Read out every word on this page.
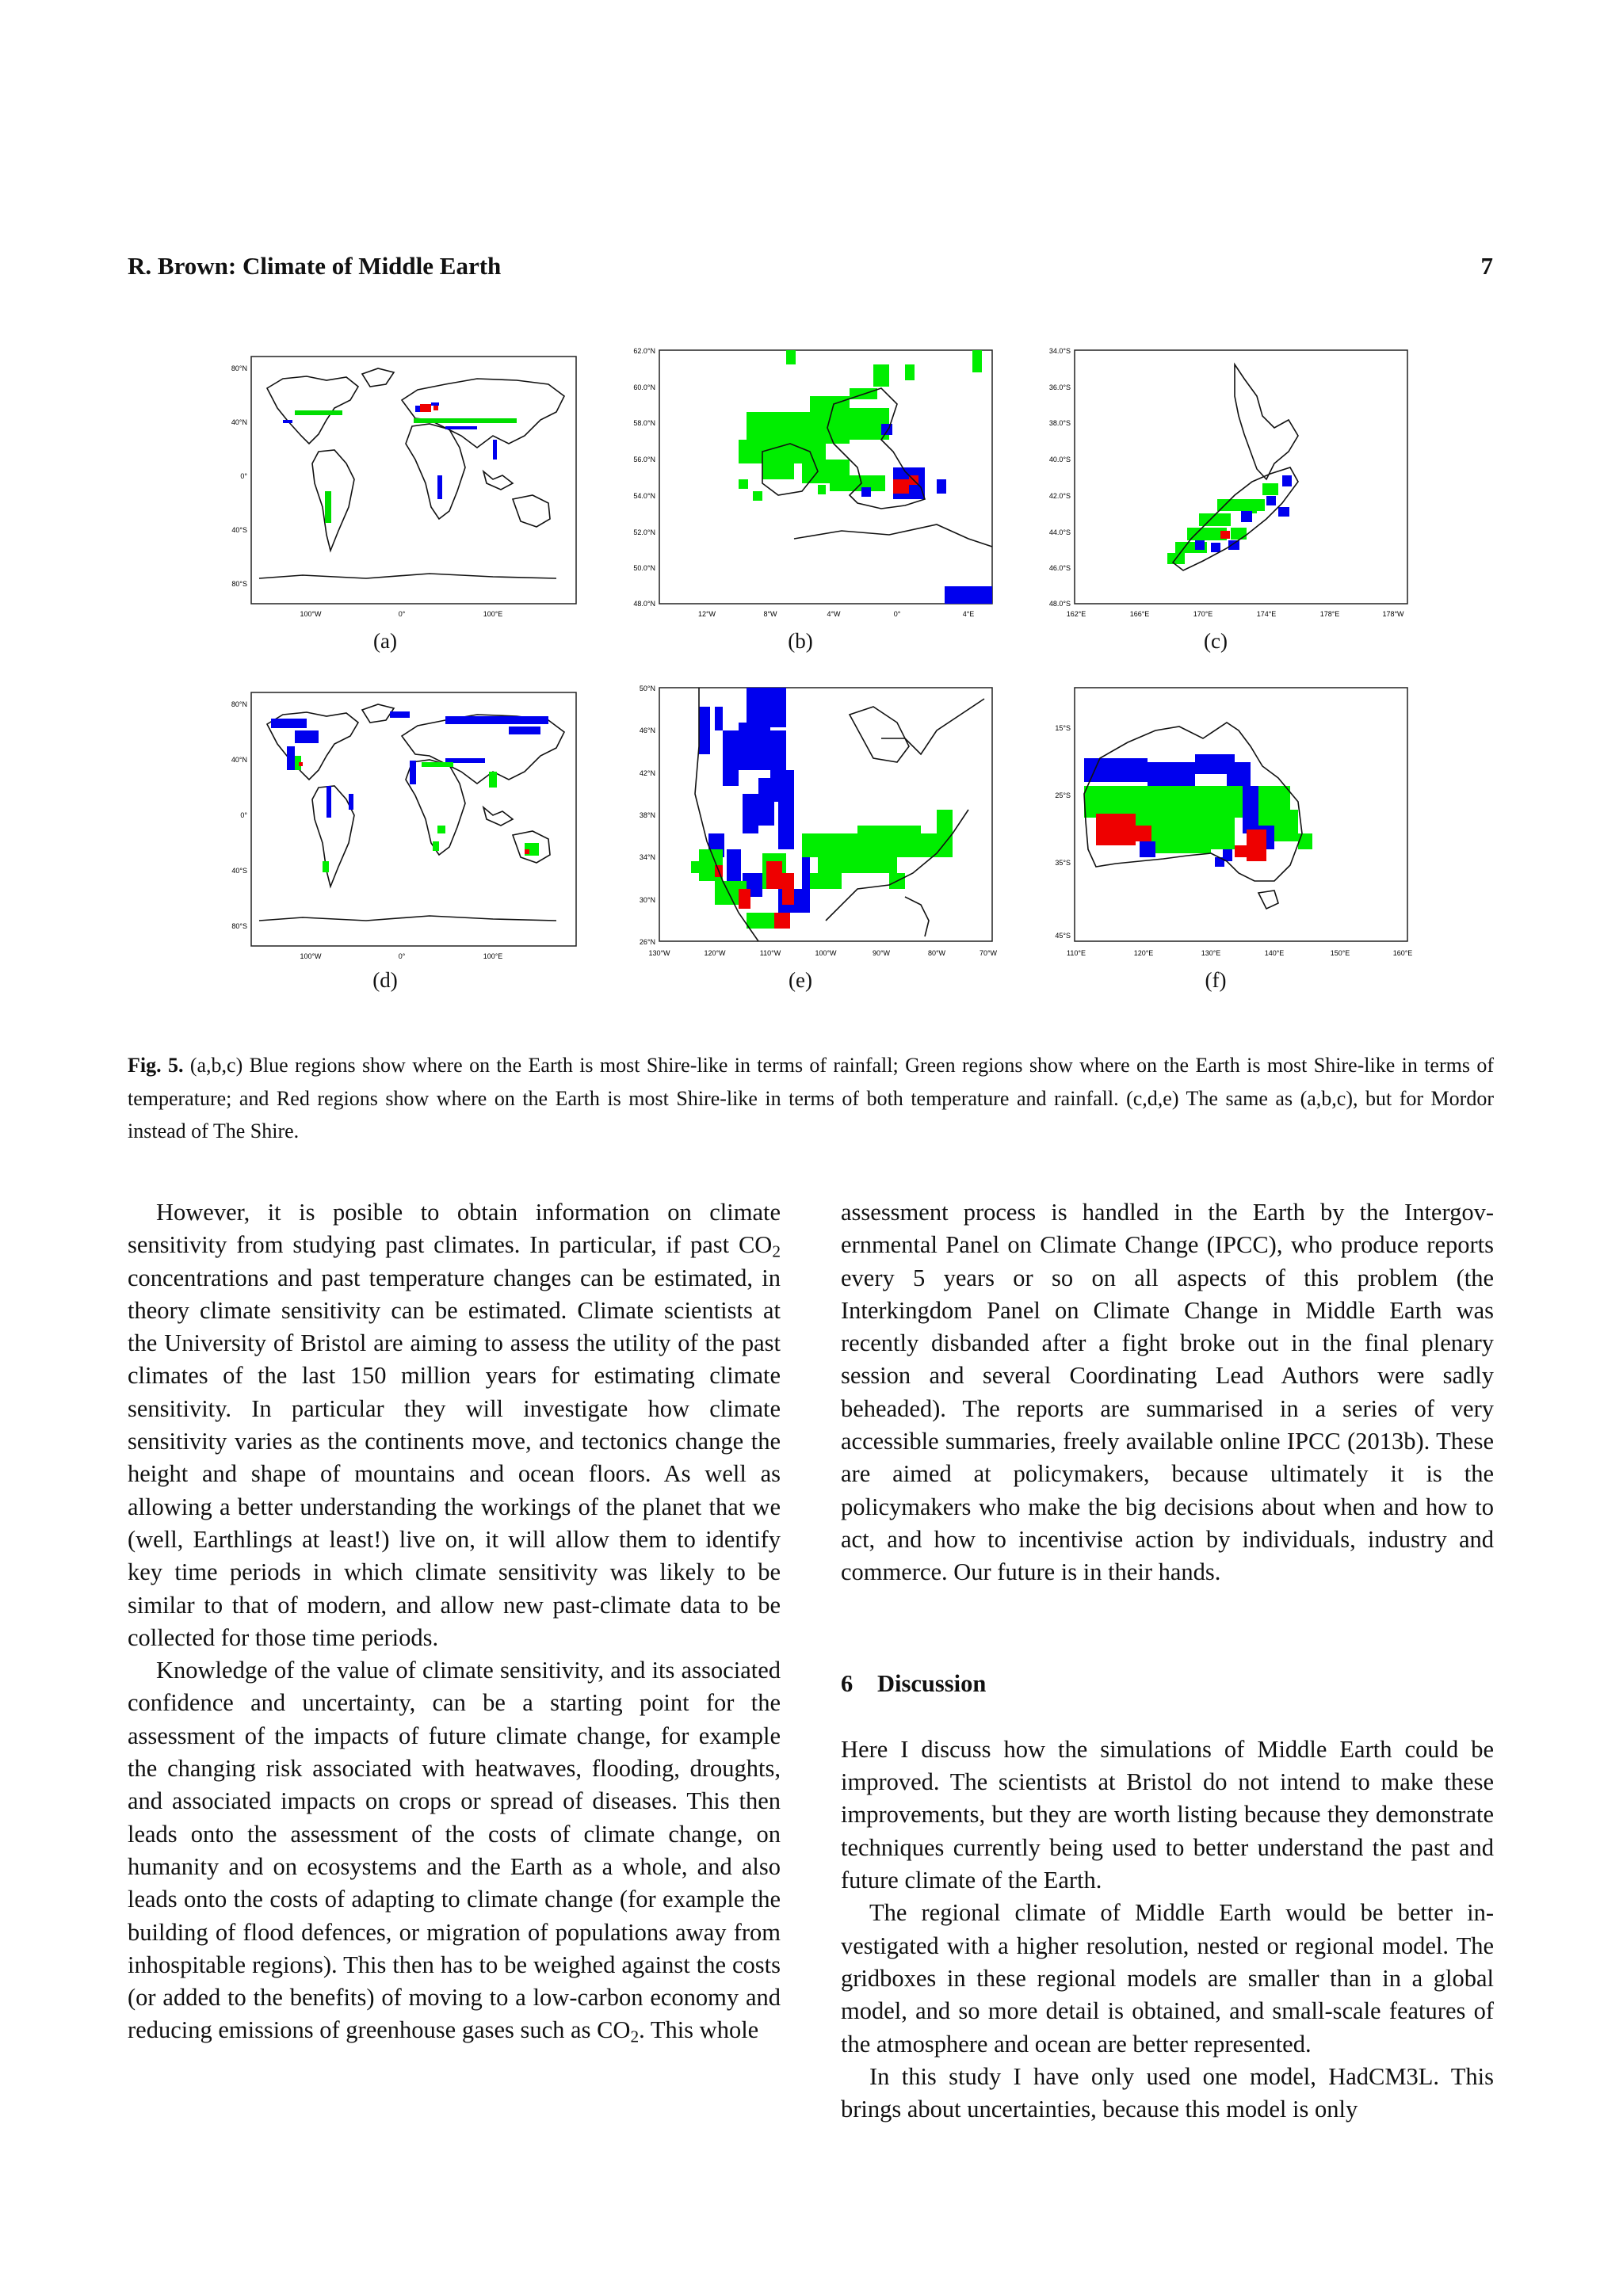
R. Brown: Climate of Middle Earth	7
80°N
40°N
0°
40°S
80°S
100°W	0°	100°E
(a)
62.0°N
60.0°N
58.0°N
56.0°N
54.0°N
52.0°N
50.0°N
48.0°N
12°W	8°W	4°W	0°	4°E
(b)
34.0°S
36.0°S
38.0°S
40.0°S
42.0°S
44.0°S
46.0°S
48.0°S
162°E	166°E	170°E	174°E	178°E	178°W
(c)
80°N
40°N
0°
40°S
80°S
100°W	0°	100°E
(d)
50°N
46°N
42°N
38°N
34°N
30°N
26°N
130°W	120°W	110°W	100°W	90°W	80°W	70°W
(e)
15°S
25°S
35°S
45°S
110°E	120°E	130°E	140°E	150°E	160°E
(f)
Fig. 5. (a,b,c) Blue regions show where on the Earth is most Shire-like in terms of rainfall; Green regions show where on the Earth is most Shire-like in terms of temperature; and Red regions show where on the Earth is most Shire-like in terms of both temperature and rainfall. (c,d,e) The same as (a,b,c), but for Mordor instead of The Shire.

However, it is posible to obtain information on climate sensitivity from studying past climates. In particular, if past $CO_2$ concentrations and past temperature changes can be estimated, in theory climate sensitivity can be estimated. Climate scientists at the University of Bristol are aiming to assess the utility of the past climates of the last 150 million years for estimating climate sensitivity. In particular they will investigate how climate sensitivity varies as the continents move, and tectonics change the height and shape of mountains and ocean floors. As well as allowing a better understanding the workings of the planet that we (well, Earthlings at least!) live on, it will allow them to identify key time periods in which climate sensitivity was likely to be similar to that of modern, and allow new past-climate data to be collected for those time periods.

Knowledge of the value of climate sensitivity, and its associated confidence and uncertainty, can be a starting point for the assessment of the impacts of future climate change, for example the changing risk associated with heatwaves, flooding, droughts, and associated impacts on crops or spread of diseases. This then leads onto the assessment of the costs of climate change, on humanity and on ecosystems and the Earth as a whole, and also leads onto the costs of adapting to climate change (for example the building of flood defences, or migration of populations away from inhospitable regions). This then has to be weighed against the costs (or added to the benefits) of moving to a low-carbon economy and reducing emissions of greenhouse gases such as $CO_2$. This whole

assessment process is handled in the Earth by the Intergovernmental Panel on Climate Change (IPCC), who produce reports every 5 years or so on all aspects of this problem (the Interkingdom Panel on Climate Change in Middle Earth was recently disbanded after a fight broke out in the final plenary session and several Coordinating Lead Authors were sadly beheaded). The reports are summarised in a series of very accessible summaries, freely available online IPCC (2013b). These are aimed at policymakers, because ultimately it is the policymakers who make the big decisions about when and how to act, and how to incentivise action by individuals, industry and commerce. Our future is in their hands.

6 Discussion

Here I discuss how the simulations of Middle Earth could be improved. The scientists at Bristol do not intend to make these improvements, but they are worth listing because they demonstrate techniques currently being used to better understand the past and future climate of the Earth.

The regional climate of Middle Earth would be better investigated with a higher resolution, nested or regional model. The gridboxes in these regional models are smaller than in a global model, and so more detail is obtained, and small-scale features of the atmosphere and ocean are better represented.

In this study I have only used one model, HadCM3L. This brings about uncertainties, because this model is only
